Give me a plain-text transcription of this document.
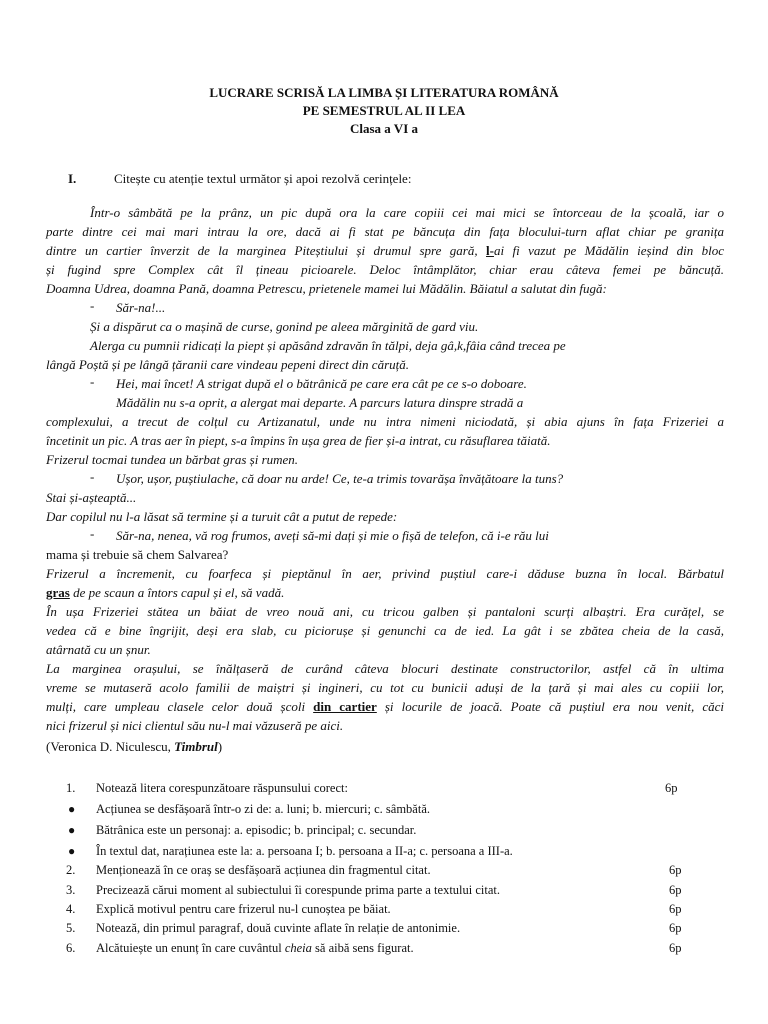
LUCRARE SCRISĂ LA LIMBA ȘI LITERATURA ROMÂNĂ
PE SEMESTRUL AL II LEA
Clasa a VI a
I.	Citește cu atenție textul următor și apoi rezolvă cerințele:
Într-o sâmbătă pe la prânz, un pic după ora la care copiii cei mai mici se întorceau de la școală, iar o
parte dintre cei mai mari intrau la ore, dacă ai fi stat pe băncuța din fața blocului-turn aflat chiar pe granița
dintre un cartier înverzit de la marginea Piteștiului și drumul spre gară, l-ai fi vazut pe Mădălin ieșind din bloc
și fugind spre Complex cât îl țineau picioarele. Deloc întâmplător, chiar erau câteva femei pe băncuță.
Doamna Udrea, doamna Pană, doamna Petrescu, prietenele mamei lui Mădălin. Băiatul a salutat din fugă:
- Săr-na!...
Și a dispărut ca o mașină de curse, gonind pe aleea mărginită de gard viu.
Alerga cu pumnii ridicați la piept și apăsând zdravăn în tălpi, deja gâ,k,fâia când trecea pe
lângă Poștă și pe lângă țăranii care vindeau pepeni direct din căruță.
- Hei, mai încet! A strigat după el o bătrânică pe care era cât pe ce s-o doboare.
Mădălin nu s-a oprit, a alergat mai departe. A parcurs latura dinspre stradă a
complexului, a trecut de colțul cu Artizanatul, unde nu intra nimeni niciodată, și abia ajuns în fața Frizeriei a
încetinit un pic. A tras aer în piept, s-a împins în ușa grea de fier și-a intrat, cu răsuflarea tăiată.
Frizerul tocmai tundea un bărbat gras și rumen.
- Ușor, ușor, puștiulache, că doar nu arde! Ce, te-a trimis tovarășa învățătoare la tuns?
Stai și-așteaptă...
Dar copilul nu l-a lăsat să termine și a turuit cât a putut de repede:
- Săr-na, nenea, vă rog frumos, aveți să-mi dați și mie o fișă de telefon, că i-e rău lui
mama și trebuie să chem Salvarea?
Frizerul a încremenit, cu foarfeca și pieptănul în aer, privind puștiul care-i dăduse buzna în local. Bărbatul
gras de pe scaun a întors capul și el, să vadă.
În ușa Frizeriei stătea un băiat de vreo nouă ani, cu tricou galben și pantaloni scurți albaștri. Era curățel, se
vedea că e bine îngrijit, deși era slab, cu piciorușe și genunchi ca de ied. La gât i se zbătea cheia de la casă,
atârnată cu un șnur.
La marginea orașului, se înălțaseră de curând câteva blocuri destinate constructorilor, astfel că în ultima
vreme se mutaseră acolo familii de maiștri și ingineri, cu tot cu bunicii aduși de la țară și mai ales cu copiii lor,
mulți, care umpleau clasele celor două școli din cartier și locurile de joacă. Poate că puștiul era nou venit, căci
nici frizerul și nici clientul său nu-l mai văzuseră pe aici.
(Veronica D. Niculescu, Timbrul)
1. Notează litera corespunzătoare răspunsului corect:	6p
● Acțiunea se desfășoară într-o zi de: a. luni; b. miercuri; c. sâmbătă.
● Bătrânica este un personaj: a. episodic; b. principal; c. secundar.
● În textul dat, narațiunea este la: a. persoana I; b. persoana a II-a; c. persoana a III-a.
2. Menționează în ce oraș se desfășoară acțiunea din fragmentul citat.	6p
3. Precizează cărui moment al subiectului îi corespunde prima parte a textului citat.	6p
4. Explică motivul pentru care frizerul nu-l cunoștea pe băiat.	6p
5. Notează, din primul paragraf, două cuvinte aflate în relație de antonimie.	6p
6. Alcătuiește un enunț în care cuvântul cheia să aibă sens figurat.	6p
